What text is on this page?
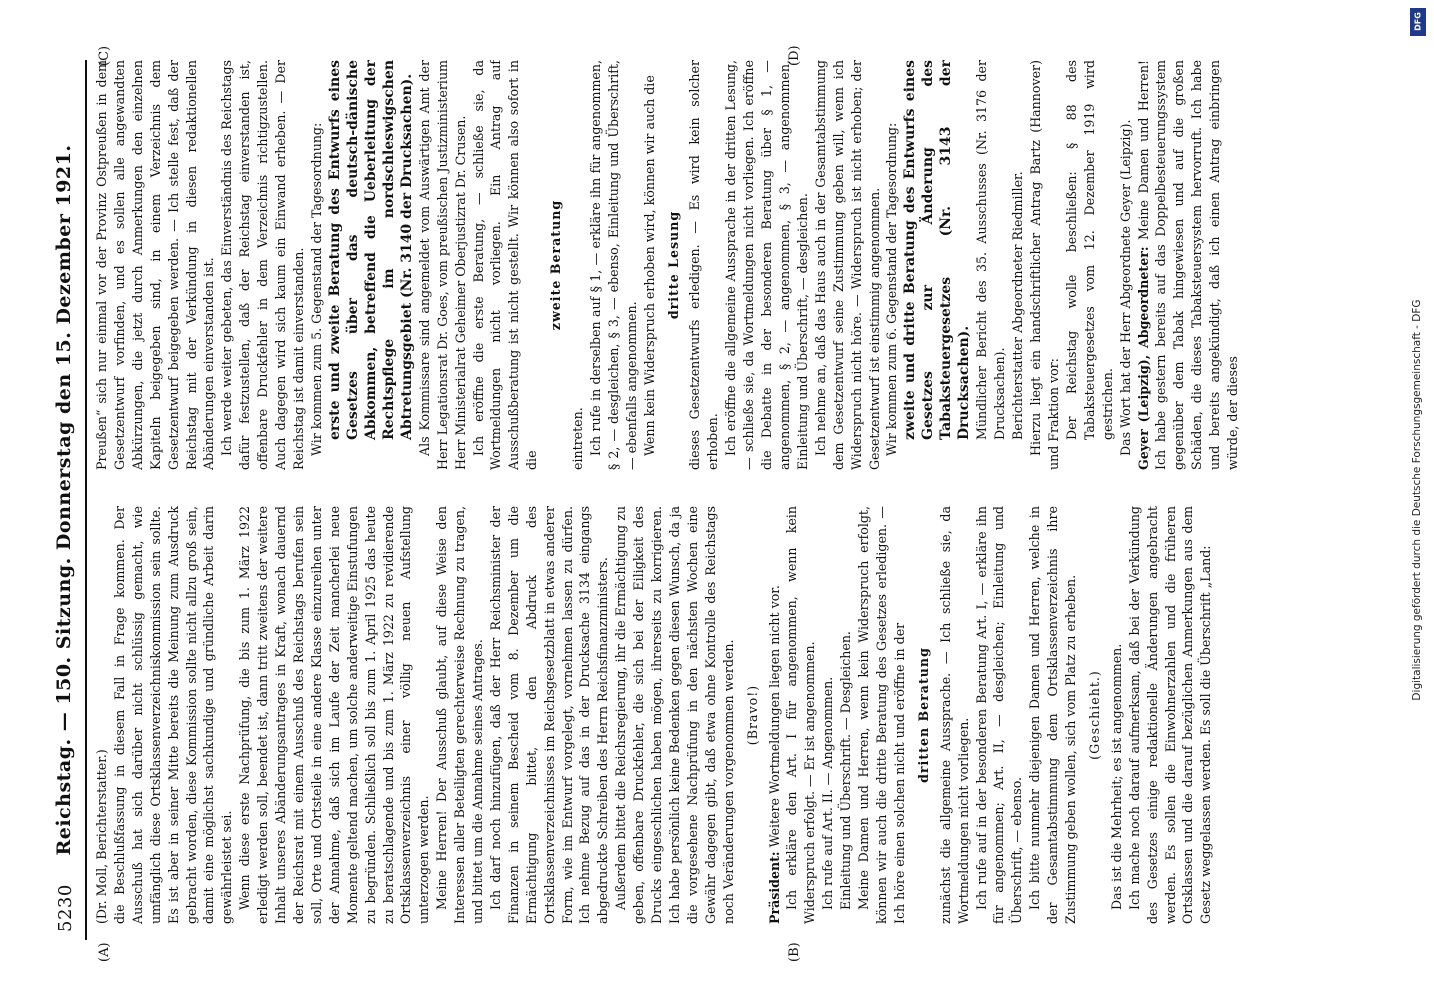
5230
Reichstag. — 150. Sitzung. Donnerstag den 15. Dezember 1921.
(A)	(B)
(C)	(D)

(Dr. Moll, Berichterstatter.) die Beschlußfassung in diesem Fall in Frage kommen. Der Ausschuß hat sich darüber nicht schlüssig gemacht, wie umfänglich diese Ortsklassenverzeichniskommission sein sollte. Es ist aber in seiner Mitte bereits die Meinung zum Ausdruck gebracht worden, diese Kommission sollte nicht allzu groß sein, damit eine möglichst sachkundige und gründliche Arbeit darin gewährleistet sei. Wenn diese erste Nachprüfung, die bis zum 1. März 1922 erledigt werden soll, beendet ist, dann tritt zweitens der weitere Inhalt unseres Abänderungsantrages in Kraft, wonach dauernd der Reichsrat mit einem Ausschuß des Reichstags berufen sein soll, Orte und Ortsteile in eine andere Klasse einzureihen unter der Annahme, daß sich im Laufe der Zeit mancherlei neue Momente geltend machen, um solche anderweitige Einstufungen zu begründen. Schließlich soll bis zum 1. April 1925 das heute zu beratschlagende und bis zum 1. März 1922 zu revidierende Ortsklassenverzeichnis einer völlig neuen Aufstellung unterzogen werden. Meine Herren! Der Ausschuß glaubt, auf diese Weise den Interessen aller Beteiligten gerechterweise Rechnung zu tragen, und bittet um die Annahme seines Antrages. Ich darf noch hinzufügen, daß der Herr Reichsminister der Finanzen in seinem Bescheid vom 8. Dezember um die Ermächtigung bittet, den Abdruck des Ortsklassenverzeichnisses im Reichsgesetzblatt in etwas anderer Form, wie im Entwurf vorgelegt, vornehmen lassen zu dürfen. Ich nehme Bezug auf das in der Drucksache 3134 eingangs abgedruckte Schreiben des Herrn Reichsfinanzministers. Außerdem bittet die Reichsregierung, ihr die Ermächtigung zu geben, offenbare Druckfehler, die sich bei der Eiligkeit des Drucks eingeschlichen haben mögen, ihrerseits zu korrigieren. Ich habe persönlich keine Bedenken gegen diesen Wunsch, da ja die vorgesehene Nachprüfung in den nächsten Wochen eine Gewähr dagegen gibt, daß etwa ohne Kontrolle des Reichstags noch Veränderungen vorgenommen werden. (Bravo!)

Präsident: Weitere Wortmeldungen liegen nicht vor. Ich erkläre den Art. I für angenommen, wenn kein Widerspruch erfolgt. — Er ist angenommen. Ich rufe auf Art. II. — Angenommen. Einleitung und Überschrift. — Desgleichen. Meine Damen und Herren, wenn kein Widerspruch erfolgt, können wir auch die dritte Beratung des Gesetzes erledigen. — Ich höre einen solchen nicht und eröffne in der dritten Beratung zunächst die allgemeine Aussprache. — Ich schließe sie, da Wortmeldungen nicht vorliegen. Ich rufe auf in der besonderen Beratung Art. I, — erkläre ihn für angenommen; Art. II, — desgleichen; Einleitung und Überschrift, — ebenso. Ich bitte nunmehr diejenigen Damen und Herren, welche in der Gesamtabstimmung dem Ortsklassenverzeichnis ihre Zustimmung geben wollen, sich vom Platz zu erheben. (Geschieht.) Das ist die Mehrheit; es ist angenommen. Ich mache noch darauf aufmerksam, daß bei der Verkündung des Gesetzes einige redaktionelle Änderungen angebracht werden. Es sollen die Einwohnerzahlen und die früheren Ortsklassen und die darauf bezüglichen Anmerkungen aus dem Gesetz weggelassen werden. Es soll die Überschrift „Land:

Preußen“ sich nur einmal vor der Provinz Ostpreußen in dem Gesetzentwurf vorfinden, und es sollen alle angewandten Abkürzungen, die jetzt durch Anmerkungen den einzelnen Kapiteln beigegeben sind, in einem Verzeichnis dem Gesetzentwurf beigegeben werden. — Ich stelle fest, daß der Reichstag mit der Verkündung in diesen redaktionellen Abänderungen einverstanden ist. Ich werde weiter gebeten, das Einverständnis des Reichstags dafür festzustellen, daß der Reichstag einverstanden ist, offenbare Druckfehler in dem Verzeichnis richtigzustellen. Auch dagegen wird sich kaum ein Einwand erheben. — Der Reichstag ist damit einverstanden. Wir kommen zum 5. Gegenstand der Tagesordnung: erste und zweite Beratung des Entwurfs eines Gesetzes über das deutsch-dänische Abkommen, betreffend die Ueberleitung der Rechtspflege im nordschleswigschen Abtretungsgebiet (Nr. 3140 der Drucksachen). Als Kommissare sind angemeldet vom Auswärtigen Amt der Herr Legationsrat Dr. Goes, vom preußischen Justizministerium Herr Ministerialrat Geheimer Oberjustizrat Dr. Crusen. Ich eröffne die erste Beratung, — schließe sie, da Wortmeldungen nicht vorliegen. Ein Antrag auf Ausschußberatung ist nicht gestellt. Wir können also sofort in die

zweite Beratung

eintreten. Ich rufe in derselben auf § 1, — erkläre ihn für angenommen, § 2, — desgleichen, § 3, — ebenso, Einleitung und Überschrift, — ebenfalls angenommen. Wenn kein Widerspruch erhoben wird, können wir auch die dritte Lesung dieses Gesetzentwurfs erledigen. — Es wird kein solcher erhoben. Ich eröffne die allgemeine Aussprache in der dritten Lesung, — schließe sie, da Wortmeldungen nicht vorliegen. Ich eröffne die Debatte in der besonderen Beratung über § 1, — angenommen, § 2, — angenommen, § 3, — angenommen, Einleitung und Überschrift, — desgleichen. Ich nehme an, daß das Haus auch in der Gesamtabstimmung dem Gesetzentwurf seine Zustimmung geben will, wenn ich Widerspruch nicht höre. — Widerspruch ist nicht erhoben; der Gesetzentwurf ist einstimmig angenommen. Wir kommen zum 6. Gegenstand der Tagesordnung: zweite und dritte Beratung des Entwurfs eines Gesetzes zur Änderung des Tabaksteuergesetzes (Nr. 3143 der Drucksachen). Mündlicher Bericht des 35. Ausschusses (Nr. 3176 der Drucksachen). Berichterstatter Abgeordneter Riedmiller. Hierzu liegt ein handschriftlicher Antrag Bartz (Hannover) und Fraktion vor: Der Reichstag wolle beschließen: § 88 des Tabaksteuergesetzes vom 12. Dezember 1919 wird gestrichen. Das Wort hat der Herr Abgeordnete Geyer (Leipzig). Geyer (Leipzig), Abgeordneter: Meine Damen und Herren! Ich habe gestern bereits auf das Doppelbesteuerungssystem gegenüber dem Tabak hingewiesen und auf die großen Schäden, die dieses Tabaksteuersystem hervorruft. Ich habe und bereits angekündigt, daß ich einen Antrag einbringen würde, der dieses	Digitalisierung gefördert durch die Deutsche Forschungsgemeinschaft - DFG
DFG
